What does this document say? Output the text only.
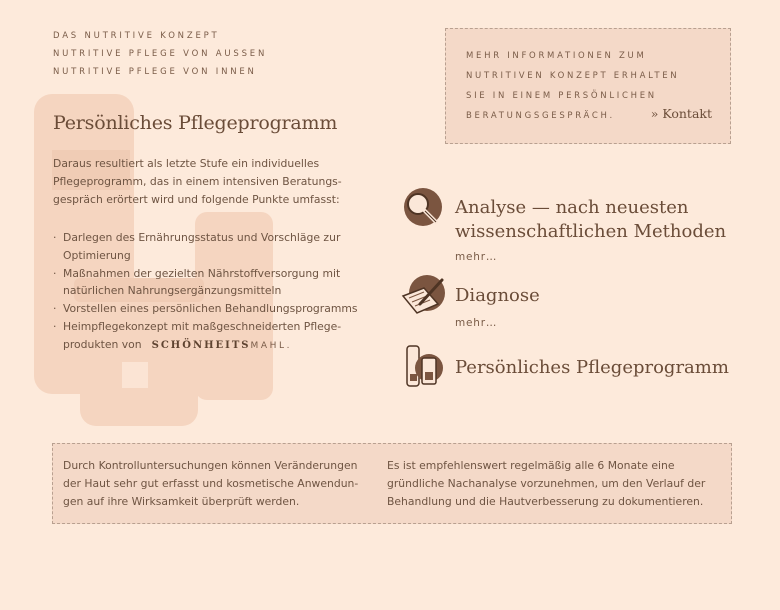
DAS NUTRITIVE KONZEPT
NUTRITIVE PFLEGE VON AUSSEN
NUTRITIVE PFLEGE VON INNEN
Persönliches Pflegeprogramm
Daraus resultiert als letzte Stufe ein individuelles
Pflegeprogramm, das in einem intensiven Beratungs-
gespräch erörtert wird und folgende Punkte umfasst:
· Darlegen des Ernährungsstatus und Vorschläge zur
Optimierung
· Maßnahmen der gezielten Nährstoffversorgung mit
natürlichen Nahrungsergänzungsmitteln
· Vorstellen eines persönlichen Behandlungsprogramms
· Heimpflegekonzept mit maßgeschneiderten Pflege-
produkten von SCHÖNHEITSMAHL.
MEHR INFORMATIONEN ZUM
NUTRITIVEN KONZEPT ERHALTEN
SIE IN EINEM PERSÖNLICHEN
BERATUNGSGESPRÄCH.	» Kontakt
Analyse — nach neuesten
wissenschaftlichen Methoden
mehr…
Diagnose
mehr…
Persönliches Pflegeprogramm
Durch Kontrolluntersuchungen können Veränderungen
der Haut sehr gut erfasst und kosmetische Anwendun-
gen auf ihre Wirksamkeit überprüft werden.
Es ist empfehlenswert regelmäßig alle 6 Monate eine
gründliche Nachanalyse vorzunehmen, um den Verlauf der
Behandlung und die Hautverbesserung zu dokumentieren.
